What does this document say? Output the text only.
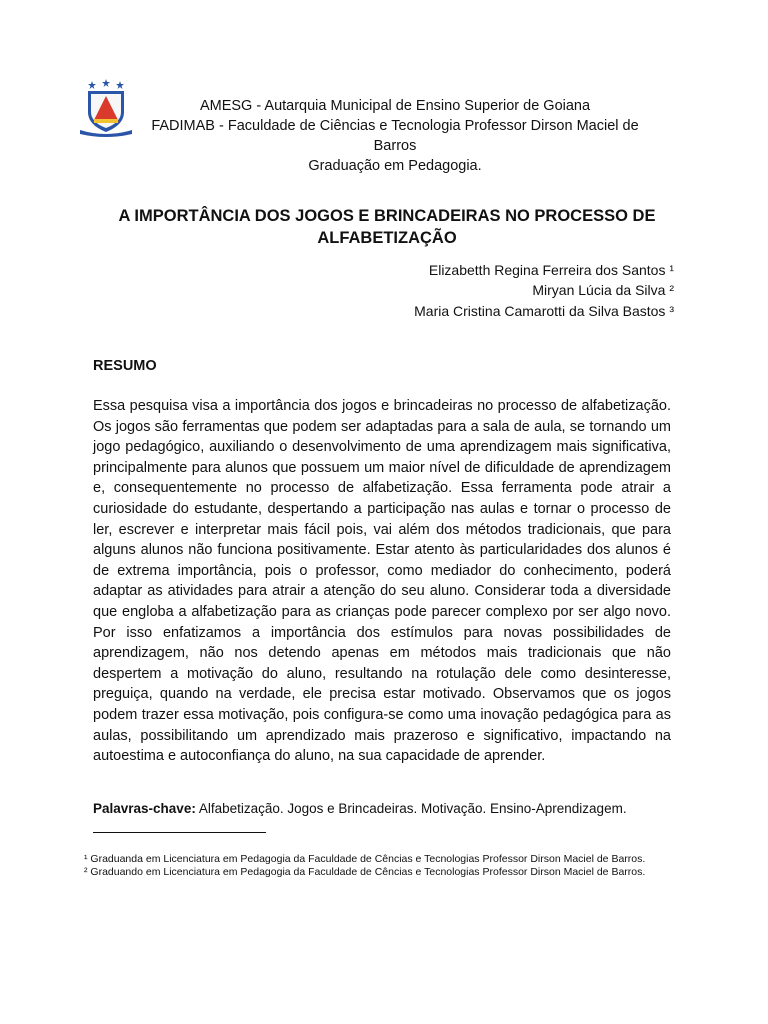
AMESG - Autarquia Municipal de Ensino Superior de Goiana
FADIMAB - Faculdade de Ciências e Tecnologia Professor Dirson Maciel de Barros
Graduação em Pedagogia.
A IMPORTÂNCIA DOS JOGOS E BRINCADEIRAS NO PROCESSO DE ALFABETIZAÇÃO
Elizabetth Regina Ferreira dos Santos ¹
Miryan Lúcia da Silva ²
Maria Cristina Camarotti da Silva Bastos ³
RESUMO

Essa pesquisa visa a importância dos jogos e brincadeiras no processo de alfabetização. Os jogos são ferramentas que podem ser adaptadas para a sala de aula, se tornando um jogo pedagógico, auxiliando o desenvolvimento de uma aprendizagem mais significativa, principalmente para alunos que possuem um maior nível de dificuldade de aprendizagem e, consequentemente no processo de alfabetização. Essa ferramenta pode atrair a curiosidade do estudante, despertando a participação nas aulas e tornar o processo de ler, escrever e interpretar mais fácil pois, vai além dos métodos tradicionais, que para alguns alunos não funciona positivamente. Estar atento às particularidades dos alunos é de extrema importância, pois o professor, como mediador do conhecimento, poderá adaptar as atividades para atrair a atenção do seu aluno. Considerar toda a diversidade que engloba a alfabetização para as crianças pode parecer complexo por ser algo novo. Por isso enfatizamos a importância dos estímulos para novas possibilidades de aprendizagem, não nos detendo apenas em métodos mais tradicionais que não despertem a motivação do aluno, resultando na rotulação dele como desinteresse, preguiça, quando na verdade, ele precisa estar motivado. Observamos que os jogos podem trazer essa motivação, pois configura-se como uma inovação pedagógica para as aulas, possibilitando um aprendizado mais prazeroso e significativo, impactando na autoestima e autoconfiança do aluno, na sua capacidade de aprender.

Palavras-chave: Alfabetização. Jogos e Brincadeiras. Motivação. Ensino-Aprendizagem.

¹ Graduanda em Licenciatura em Pedagogia da Faculdade de Cências e Tecnologias Professor Dirson Maciel de Barros.

² Graduando em Licenciatura em Pedagogia da Faculdade de Cências e Tecnologias Professor Dirson Maciel de Barros.
